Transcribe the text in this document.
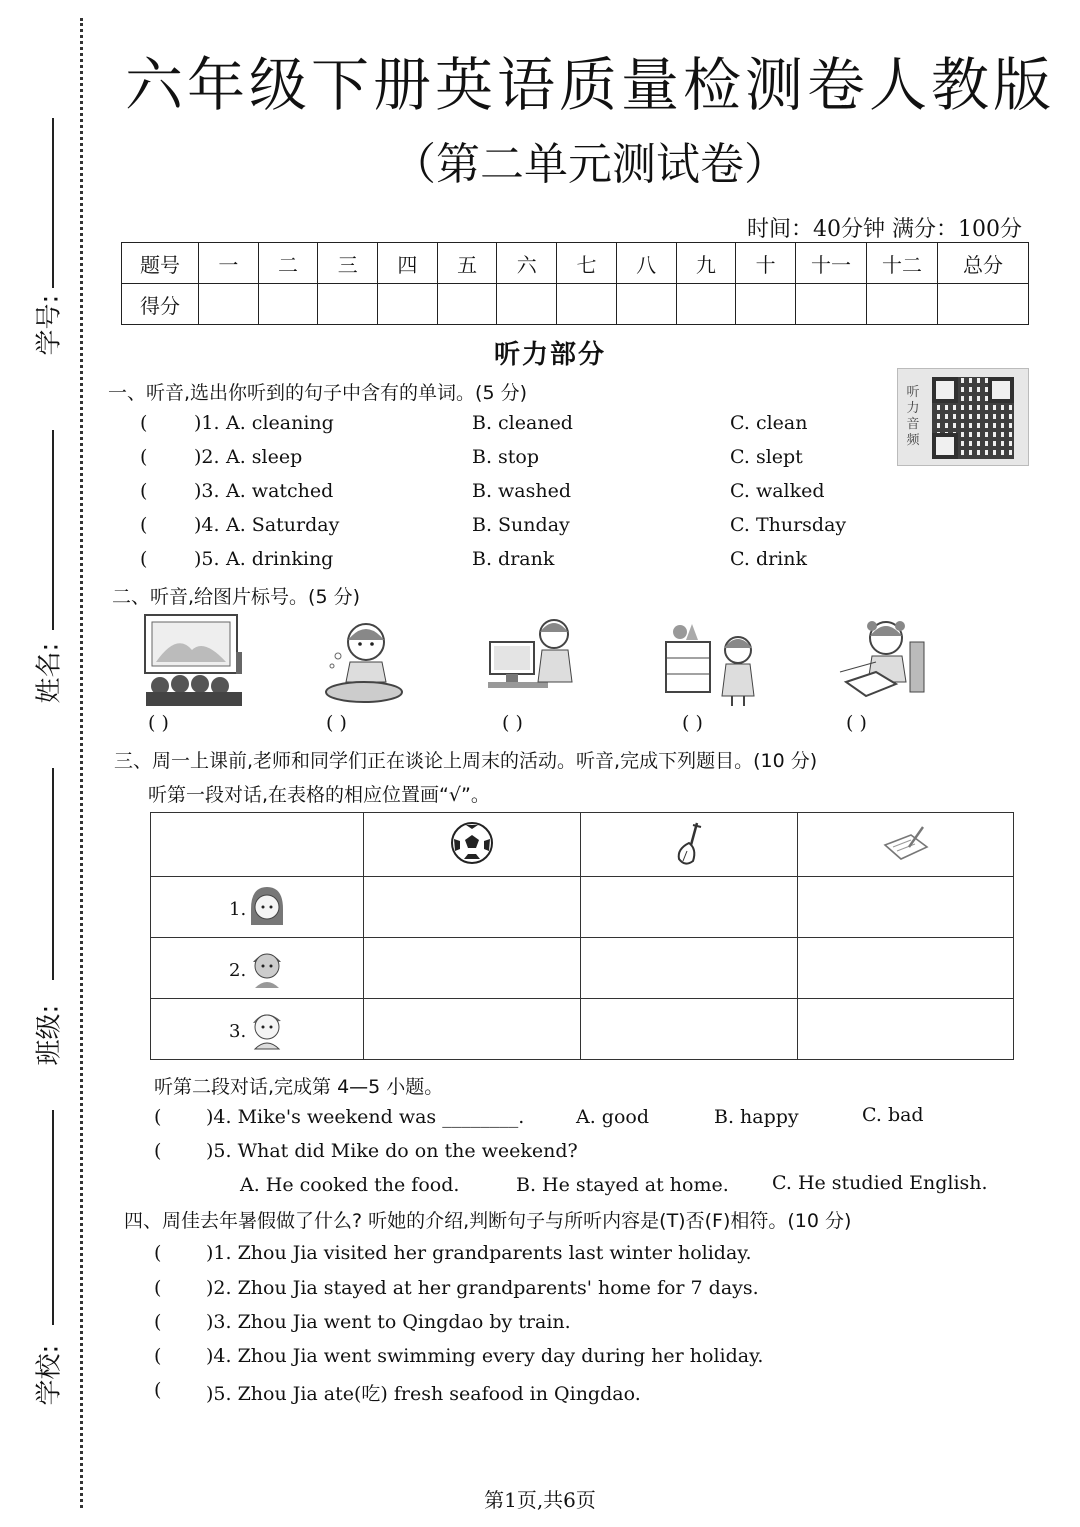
学号:
姓名:
班级:
学校:
六年级下册英语质量检测卷人教版
（第二单元测试卷）
时间：40分钟 满分：100分
题号	一	二	三	四	五	六	七	八	九	十	十一	十二	总分
得分													
听力部分
听力音频
一、听音,选出你听到的句子中含有的单词。(5 分)
( )1. A. cleaning	B. cleaned	C. clean
( )2. A. sleep	B. stop	C. slept
( )3. A. watched	B. washed	C. walked
( )4. A. Saturday	B. Sunday	C. Thursday
( )5. A. drinking	B. drank	C. drink
二、听音,给图片标号。(5 分)
( )	( )	( )	( )	( )
三、周一上课前,老师和同学们正在谈论上周末的活动。听音,完成下列题目。(10 分)
听第一段对话,在表格的相应位置画“√”。

1.			

2.			

3.			

听第二段对话,完成第 4—5 小题。
( )4. Mike's weekend was ________.	A. good	B. happy	C. bad
( )5. What did Mike do on the weekend?
A. He cooked the food.	B. He stayed at home. C. He studied English.
四、周佳去年暑假做了什么? 听她的介绍,判断句子与所听内容是(T)否(F)相符。(10 分)
( )1. Zhou Jia visited her grandparents last winter holiday.
( )2. Zhou Jia stayed at her grandparents' home for 7 days.
( )3. Zhou Jia went to Qingdao by train.
( )4. Zhou Jia went swimming every day during her holiday.
( )5. Zhou Jia ate(吃) fresh seafood in Qingdao.
第1页,共6页
